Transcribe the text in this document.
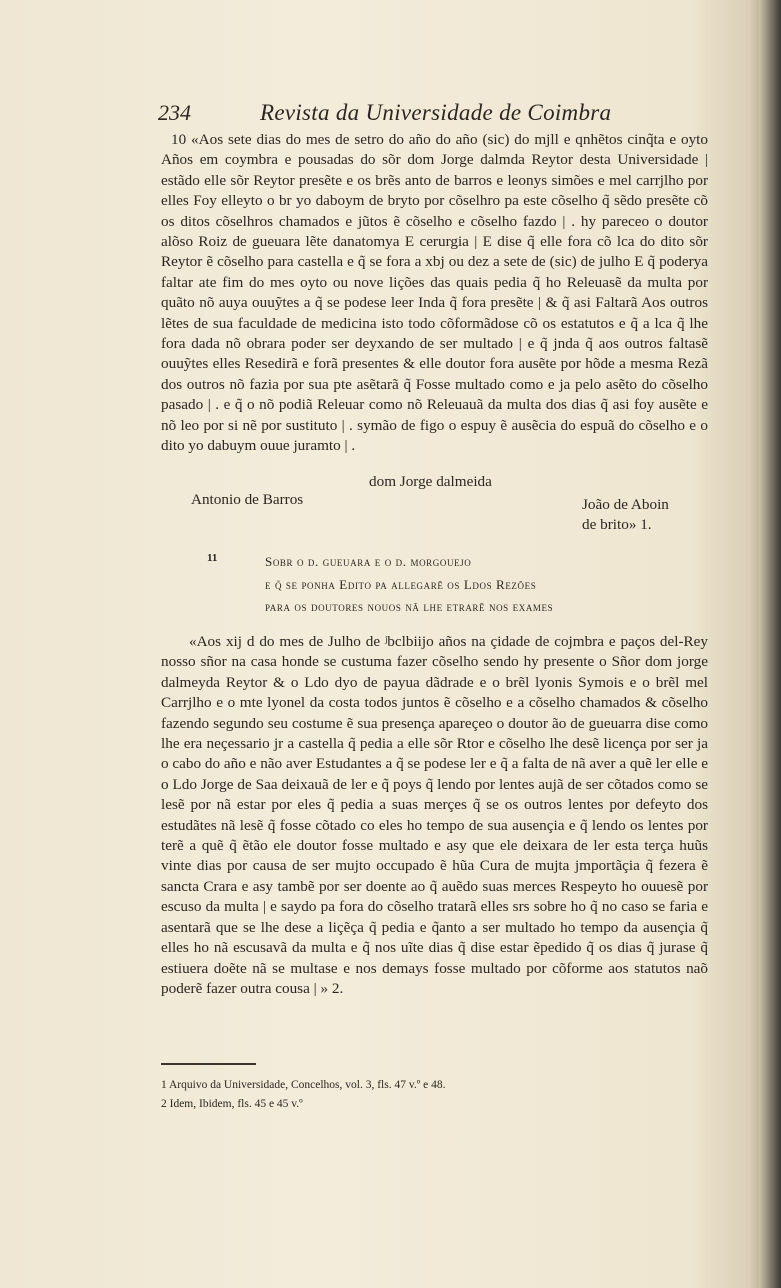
234	Revista da Universidade de Coimbra

10 «Aos sete dias do mes de setro do año do año (sic) do mjll e qnhẽtos cinq̃ta e oyto Años em coymbra e pousadas do sõr dom Jorge dalmda Reytor desta Universidade | estãdo elle sõr Reytor presẽte e os brẽs anto de barros e leonys simões e mel carrjlho por elles Foy elleyto o br yo daboym de bryto por cõselhro pa este cõselho q̃ sẽdo presẽte cõ os ditos cõselhros chamados e jũtos ẽ cõselho e cõselho fazdo | . hy pareceo o doutor alõso Roiz de gueuara lẽte danatomya E cerurgia | E dise q̃ elle fora cõ lca do dito sõr Reytor ẽ cõselho para castella e q̃ se fora a xbj ou dez a sete de (sic) de julho E q̃ poderya faltar ate fim do mes oyto ou nove lições das quais pedia q̃ ho Releuasẽ da multa por quãto nõ auya ouuỹtes a q̃ se podese leer Inda q̃ fora presẽte | & q̃ asi Faltarã Aos outros lẽtes de sua faculdade de medicina isto todo cõformãdose cõ os estatutos e q̃ a lca q̃ lhe fora dada nõ obrara poder ser deyxando de ser multado | e q̃ jnda q̃ aos outros faltasẽ ouuỹtes elles Resedirã e forã presentes & elle doutor fora ausẽte por hõde a mesma Rezã dos outros nõ fazia por sua pte asẽtarã q̃ Fosse multado como e ja pelo asẽto do cõselho pasado | . e q̃ o nõ podiã Releuar como nõ Releuauã da multa dos dias q̃ asi foy ausẽte e nõ leo por si nẽ por sustituto | . symão de figo o espuy ẽ ausẽcia do espuã do cõselho e o dito yo dabuym ouue juramto | .

dom Jorge dalmeida
Antonio de Barros	João de Aboin
de brito» 1.
11	Sobr o d. gueuara e o d. morgouejo
e q̃ se ponha Edito pa allegarẽ os Ldos Rezões
para os doutores nouos nã lhe etrarẽ nos exames

«Aos xij d do mes de Julho de ʲbclbiijo años na çidade de cojmbra e paços del-Rey nosso sñor na casa honde se custuma fazer cõselho sendo hy presente o Sñor dom jorge dalmeyda Reytor & o Ldo dyo de payua dãdrade e o brẽl lyonis Symois e o brẽl mel Carrjlho e o mte lyonel da costa todos juntos ẽ cõselho e a cõselho chamados & cõselho fazendo segundo seu costume ẽ sua presença apareçeo o doutor ão de gueuarra dise como lhe era neçessario jr a castella q̃ pedia a elle sõr Rtor e cõselho lhe desẽ licença por ser ja o cabo do año e não aver Estudantes a q̃ se podese ler e q̃ a falta de nã aver a quẽ ler elle e o Ldo Jorge de Saa deixauã de ler e q̃ poys q̃ lendo por lentes aujã de ser cõtados como se lesẽ por nã estar por eles q̃ pedia a suas merçes q̃ se os outros lentes por defeyto dos estudãtes nã lesẽ q̃ fosse cõtado co eles ho tempo de sua ausençia e q̃ lendo os lentes por terẽ a quẽ q̃ ẽtão ele doutor fosse multado e asy que ele deixara de ler esta terça huũs vinte dias por causa de ser mujto occupado ẽ hũa Cura de mujta jmportãçia q̃ fezera ẽ sancta Crara e asy tambẽ por ser doente ao q̃ auẽdo suas merces Respeyto ho ouuesẽ por escuso da multa | e saydo pa fora do cõselho tratarã elles srs sobre ho q̃ no caso se faria e asentarã que se lhe dese a liçẽça q̃ pedia e q̃anto a ser multado ho tempo da ausençia q̃ elles ho nã escusavã da multa e q̃ nos uĩte dias q̃ dise estar ẽpedido q̃ os dias q̃ jurase q̃ estiuera doẽte nã se multase e nos demays fosse multado por cõforme aos statutos naõ poderẽ fazer outra cousa | » 2.

1 Arquivo da Universidade, Concelhos, vol. 3, fls. 47 v.º e 48.
2 Idem, Ibidem, fls. 45 e 45 v.º
